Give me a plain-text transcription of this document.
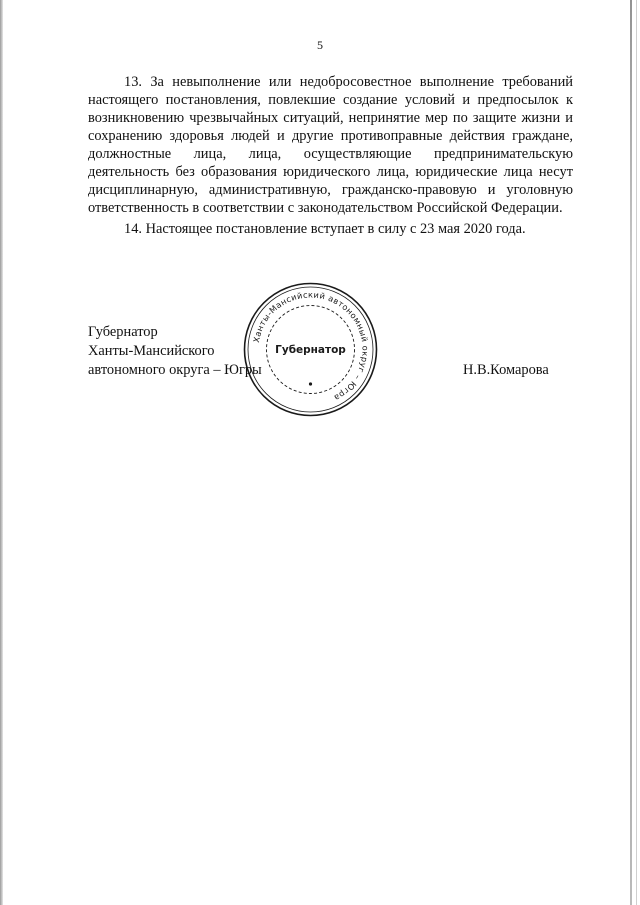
5

13. За невыполнение или недобросовестное выполнение требований настоящего постановления, повлекшие создание условий и предпосылок к возникновению чрезвычайных ситуаций, непринятие мер по защите жизни и сохранению здоровья людей и другие противоправные действия граждане, должностные лица, лица, осуществляющие предпринимательскую деятельность без образования юридического лица, юридические лица несут дисциплинарную, административную, гражданско-правовую и уголовную ответственность в соответствии с законодательством Российской Федерации.

14. Настоящее постановление вступает в силу с 23 мая 2020 года.

Губернатор
Ханты-Мансийского
автономного округа – Югры
Ханты-Мансийский автономный округ – Югра
Губернатор
Н.В.Комарова
